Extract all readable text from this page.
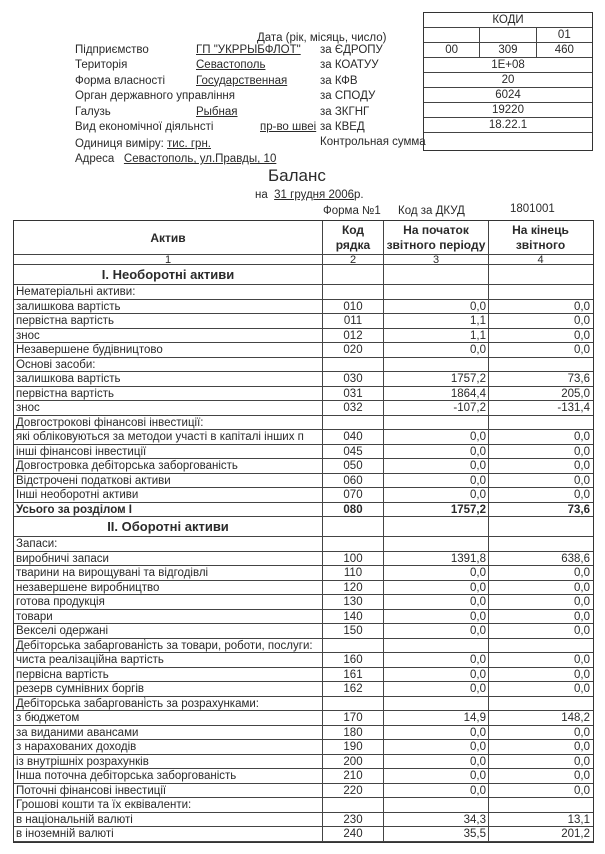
Дата (рік, місяць, число)
Підприємство	ГП "УКРРЫБФЛОТ" за ЄДРОПУ
Територія	Севастополь	за КОАТУУ
Форма власності	Государственная	за КФВ
Орган державного управління	за СПОДУ
Галузь	Рыбная	за ЗКГНГ
Вид економічної діяльнсті	пр-во швеі за КВЕД
Одиниця виміру: тис. грн.	Контрольная сумма
Адреса Севастополь, ул.Правды, 10
КОДИ
01
00	309	460
1E+08
20
6024
19220
18.22.1
Баланс
на 31 грудня 2006р.
Форма №1 Код за ДКУД	1801001
Актив
Код рядка
На початок звітного періоду
На кінець звітного
1	2	3	4
І. Необоротні активи
Нематеріальні активи:
залишкова вартість	010	0,0	0,0
первістна вартість	011	1,1	0,0
знос	012	1,1	0,0
Незавершене будівництово	020	0,0	0,0
Основі засоби:
залишкова вартість	030	1757,2	73,6
первістна вартість	031	1864,4	205,0
знос	032	-107,2	-131,4
Довгострокові фінансові інвестиції:
які обліковуються за методои участі в капіталі інших п	040	0,0	0,0
інші фінансові інвестиції	045	0,0	0,0
Довгостровка дебіторська заборгованість	050	0,0	0,0
Відстрочені податкові активи	060	0,0	0,0
Інші необоротні активи	070	0,0	0,0
Усього за розділом І	080	1757,2	73,6
ІІ. Оборотні активи
Запаси:
виробничі запаси	100	1391,8	638,6
тварини на вирощувані та відгодівлі	110	0,0	0,0
незавершене виробництво	120	0,0	0,0
готова продукція	130	0,0	0,0
товари	140	0,0	0,0
Векселі одержані	150	0,0	0,0
Дебіторська забарговані́сть за товари, роботи, послуги:
чиста реалізаційна вартість	160	0,0	0,0
первісна вартість	161	0,0	0,0
резерв сумнівних боргів	162	0,0	0,0
Дебіторська забарговані́сть за розрахунками:
з бюджетом	170	14,9	148,2
за виданими авансами	180	0,0	0,0
з нарахованих доходів	190	0,0	0,0
із внутрішніх розрахунків	200	0,0	0,0
Інша поточна дебіторська заборгованість	210	0,0	0,0
Поточні фінансові інвестиції	220	0,0	0,0
Грошові кошти та їх еквіваленти:
в національній валюті	230	34,3	13,1
в іноземній валюті	240	35,5	201,2
